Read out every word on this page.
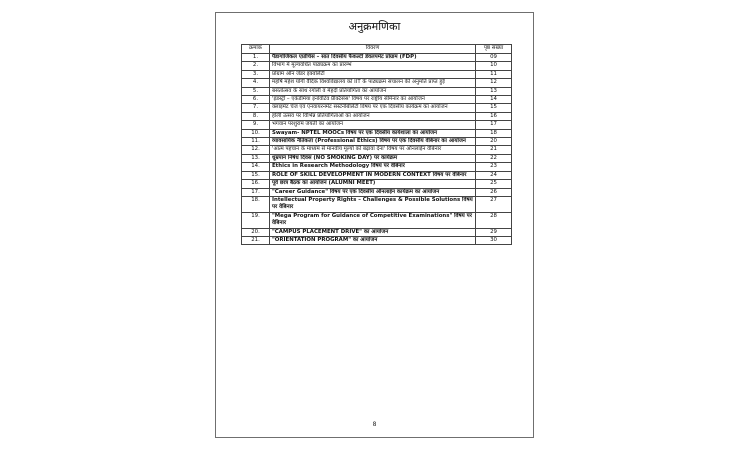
अनुक्रमणिका
क्रमांक	विवरण	पृष्ठ संख्या
1.	पैडागोजिकल एप्रोचिस – सात दिवसीय फैकल्टी डेवलपमेंट प्रोग्राम (FDP)	09
2.	विभाग में मूल्यवर्धित पाठ्यक्रम का प्रारम्भ	10
3.	प्रोग्राम ऑन जेंडर इक्वलिटी	11
4.	महर्षि महेश योगी वैदिक विश्वविद्यालय को IIT के पाठ्यक्रम संचालन की अनुमति प्राप्त हुई	12
5.	बसंतोत्सव के साथ रंगोली व मेंहदी प्रतियोगिता का आयोजन	13
6.	'इंडस्ट्री – एकेडेमिया इनोवेटिव प्रैक्टिसेस' विषय पर राष्ट्रीय सेमिनार का आयोजन	14
7.	क्लाइमेट चेंज एवं एनवायरनमेंट सस्टेनेबिलिटी विषय पर एक दिवसीय कार्यक्रम का आयोजन	15
8.	होली उत्सव पर विभिन्न प्रतियोगिताओं का आयोजन	16
9.	भगवान परशुराम जयंती का आयोजन	17
10.	Swayam- NPTEL MOOCs विषय पर एक दिवसीय कार्यशाला का आयोजन	18
11.	व्यावसायिक नैतिकता (Professional Ethics) विषय पर एक दिवसीय वेबिनार का आयोजन	20
12.	'आत्म पहचान के माध्यम से मानवीय मूल्यों को बढ़ावा देना' विषय पर ऑनलाईन वेबिनार	21
13.	धूम्रपान निषेध दिवस (NO SMOKING DAY) पर कार्यक्रम	22
14.	Ethics in Research Methodology विषय पर वेबिनार	23
15.	ROLE OF SKILL DEVELOPMENT IN MODERN CONTEXT विषय पर वेबिनार	24
16.	पूर्व छात्र बैठक का आयोजन (ALUMNI MEET)	25
17.	"Career Guidance" विषय पर एक दिवसीय ऑनलाईन कार्यक्रम का आयोजन	26
18.	Intellectual Property Rights – Challenges & Possible Solutions विषय पर वेबिनार	27
19.	"Mega Program for Guidance of Competitive Examinations" विषय पर वेबिनार	28
20.	"CAMPUS PLACEMENT DRIVE" का आयोजन	29
21.	"ORIENTATION PROGRAM" का आयोजन	30
8
